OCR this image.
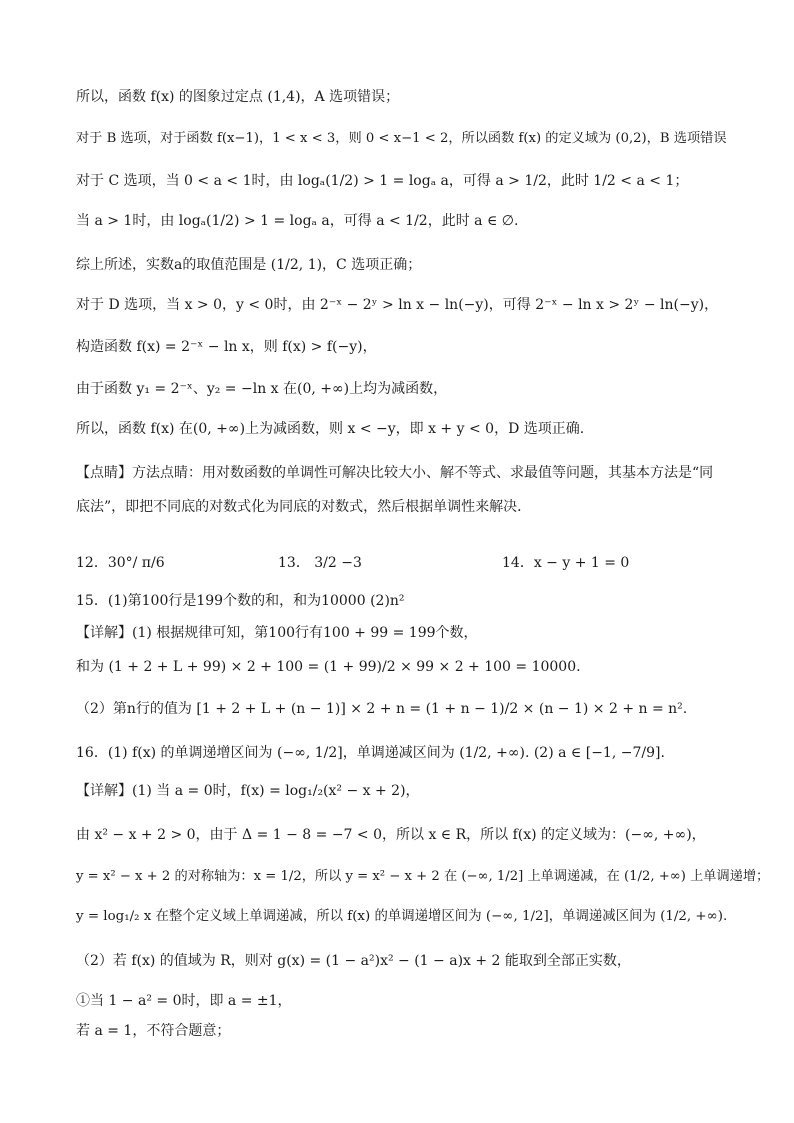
所以，函数 f(x) 的图象过定点 (1,4)，A 选项错误；
对于 B 选项，对于函数 f(x−1)，1 < x < 3，则 0 < x−1 < 2，所以函数 f(x) 的定义域为 (0,2)，B 选项错误
对于 C 选项，当 0 < a < 1时，由 logₐ(1/2) > 1 = logₐ a，可得 a > 1/2，此时 1/2 < a < 1；
当 a > 1时，由 logₐ(1/2) > 1 = logₐ a，可得 a < 1/2，此时 a ∈ ∅.
综上所述，实数a的取值范围是 (1/2, 1)，C 选项正确；
对于 D 选项，当 x > 0，y < 0时，由 2⁻ˣ − 2ʸ > ln x − ln(−y)，可得 2⁻ˣ − ln x > 2ʸ − ln(−y)，
构造函数 f(x) = 2⁻ˣ − ln x，则 f(x) > f(−y)，
由于函数 y₁ = 2⁻ˣ、y₂ = −ln x 在(0, +∞)上均为减函数，
所以，函数 f(x) 在(0, +∞)上为减函数，则 x < −y，即 x + y < 0，D 选项正确.
【点睛】方法点睛：用对数函数的单调性可解决比较大小、解不等式、求最值等问题，其基本方法是“同底法”，即把不同底的对数式化为同底的对数式，然后根据单调性来解决．
12．30°/ π/6	13． 3/2 −3	14．x − y + 1 = 0
15．(1)第100行是199个数的和，和为10000 (2)n²
【详解】(1) 根据规律可知，第100行有100 + 99 = 199个数，
和为 (1 + 2 + L + 99) × 2 + 100 = (1 + 99)/2 × 99 × 2 + 100 = 10000.
（2）第n行的值为 [1 + 2 + L + (n − 1)] × 2 + n = (1 + n − 1)/2 × (n − 1) × 2 + n = n².
16．(1) f(x) 的单调递增区间为 (−∞, 1/2]，单调递减区间为 (1/2, +∞). (2) a ∈ [−1, −7/9].
【详解】(1) 当 a = 0时，f(x) = log₁/₂(x² − x + 2)，
由 x² − x + 2 > 0，由于 Δ = 1 − 8 = −7 < 0，所以 x ∈ R，所以 f(x) 的定义域为：(−∞, +∞)，
y = x² − x + 2 的对称轴为：x = 1/2，所以 y = x² − x + 2 在 (−∞, 1/2] 上单调递减，在 (1/2, +∞) 上单调递增；
y = log₁/₂ x 在整个定义域上单调递减，所以 f(x) 的单调递增区间为 (−∞, 1/2]，单调递减区间为 (1/2, +∞).
（2）若 f(x) 的值域为 R，则对 g(x) = (1 − a²)x² − (1 − a)x + 2 能取到全部正实数，
①当 1 − a² = 0时，即 a = ±1，
若 a = 1，不符合题意；
